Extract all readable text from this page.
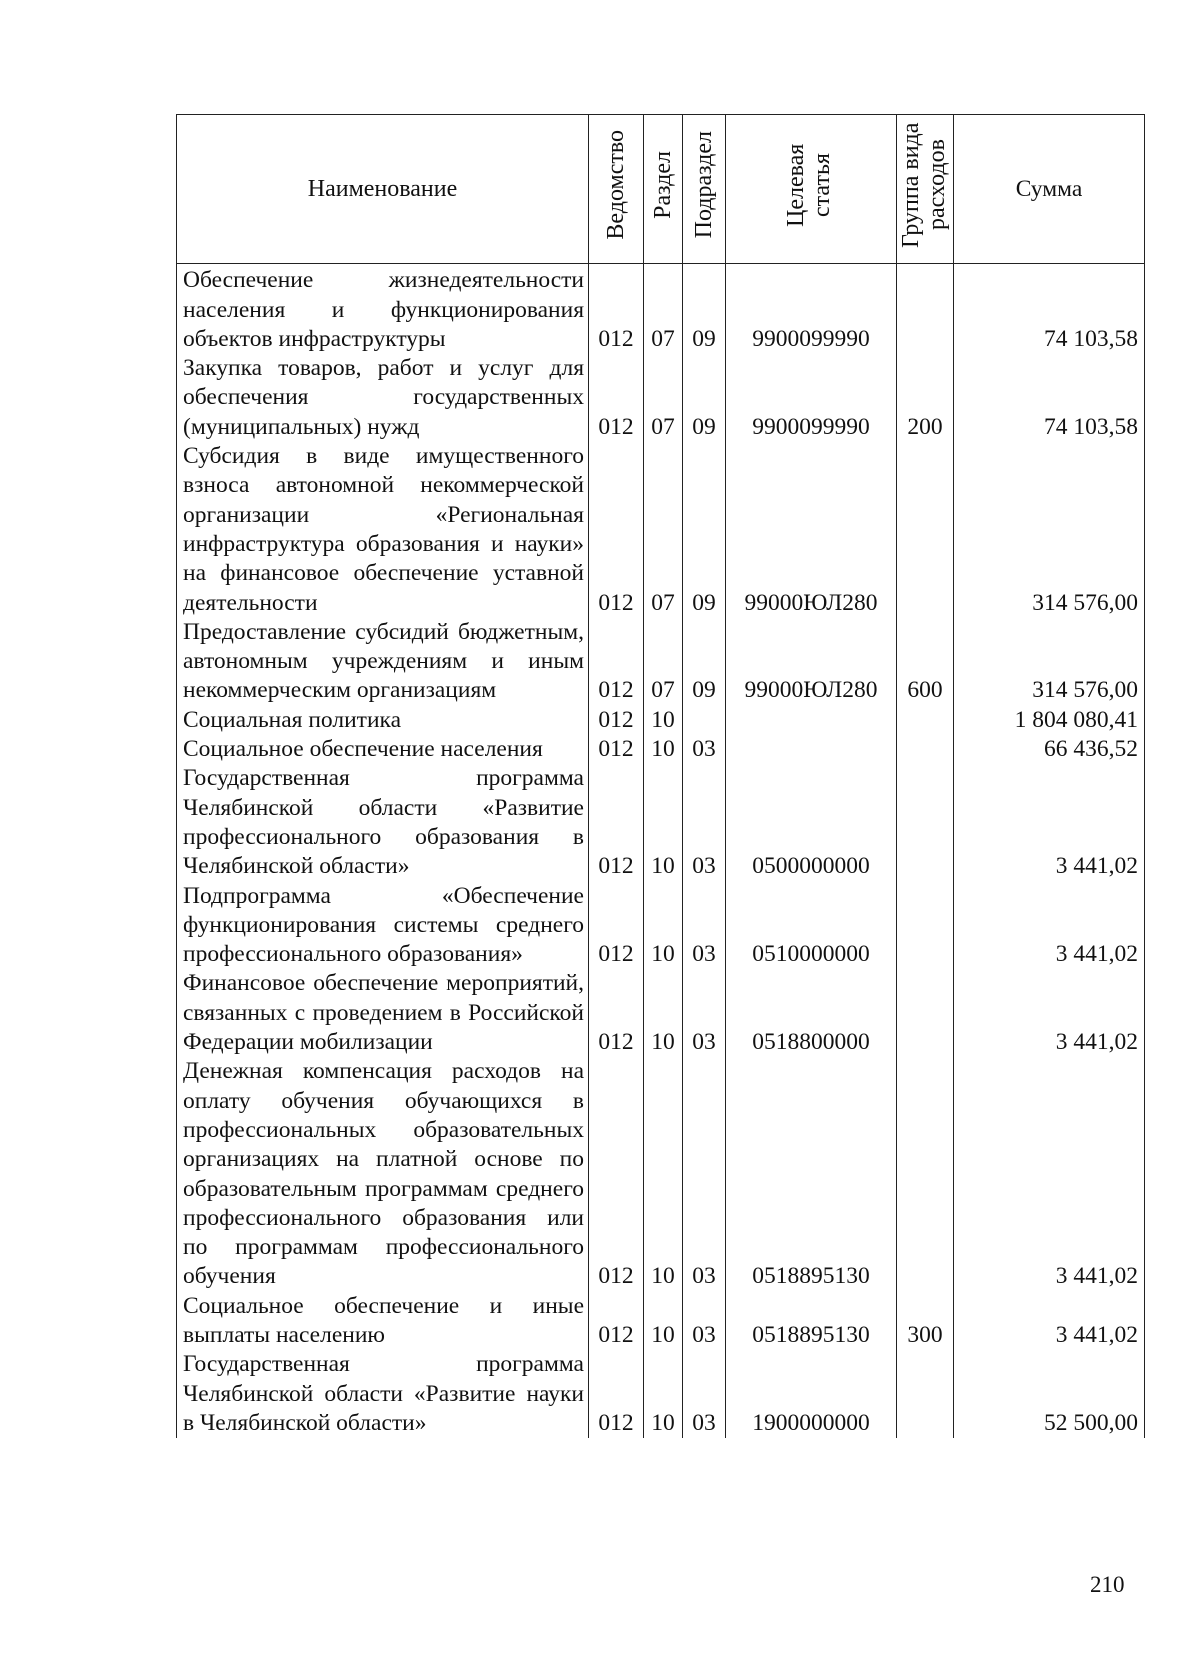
Наименование	Ведомство	Раздел	Подраздел	Целевая статья	Группа вида расходов	Сумма
Обеспечение жизнедеятельности населения и функционирования объектов инфраструктуры	012	07	09	9900099990		74 103,58
Закупка товаров, работ и услуг для обеспечения государственных (муниципальных) нужд	012	07	09	9900099990	200	74 103,58
Субсидия в виде имущественного взноса автономной некоммерческой организации «Региональная инфраструктура образования и науки» на финансовое обеспечение уставной деятельности	012	07	09	99000ЮЛ280		314 576,00
Предоставление субсидий бюджетным, автономным учреждениям и иным некоммерческим организациям	012	07	09	99000ЮЛ280	600	314 576,00
Социальная политика	012	10				1 804 080,41
Социальное обеспечение населения	012	10	03			66 436,52
Государственная программа Челябинской области «Развитие профессионального образования в Челябинской области»	012	10	03	0500000000		3 441,02
Подпрограмма «Обеспечение функционирования системы среднего профессионального образования»	012	10	03	0510000000		3 441,02
Финансовое обеспечение мероприятий, связанных с проведением в Российской Федерации мобилизации	012	10	03	0518800000		3 441,02
Денежная компенсация расходов на оплату обучения обучающихся в профессиональных образовательных организациях на платной основе по образовательным программам среднего профессионального образования или по программам профессионального обучения	012	10	03	0518895130		3 441,02
Социальное обеспечение и иные выплаты населению	012	10	03	0518895130	300	3 441,02
Государственная программа Челябинской области «Развитие науки в Челябинской области»	012	10	03	1900000000		52 500,00
210
